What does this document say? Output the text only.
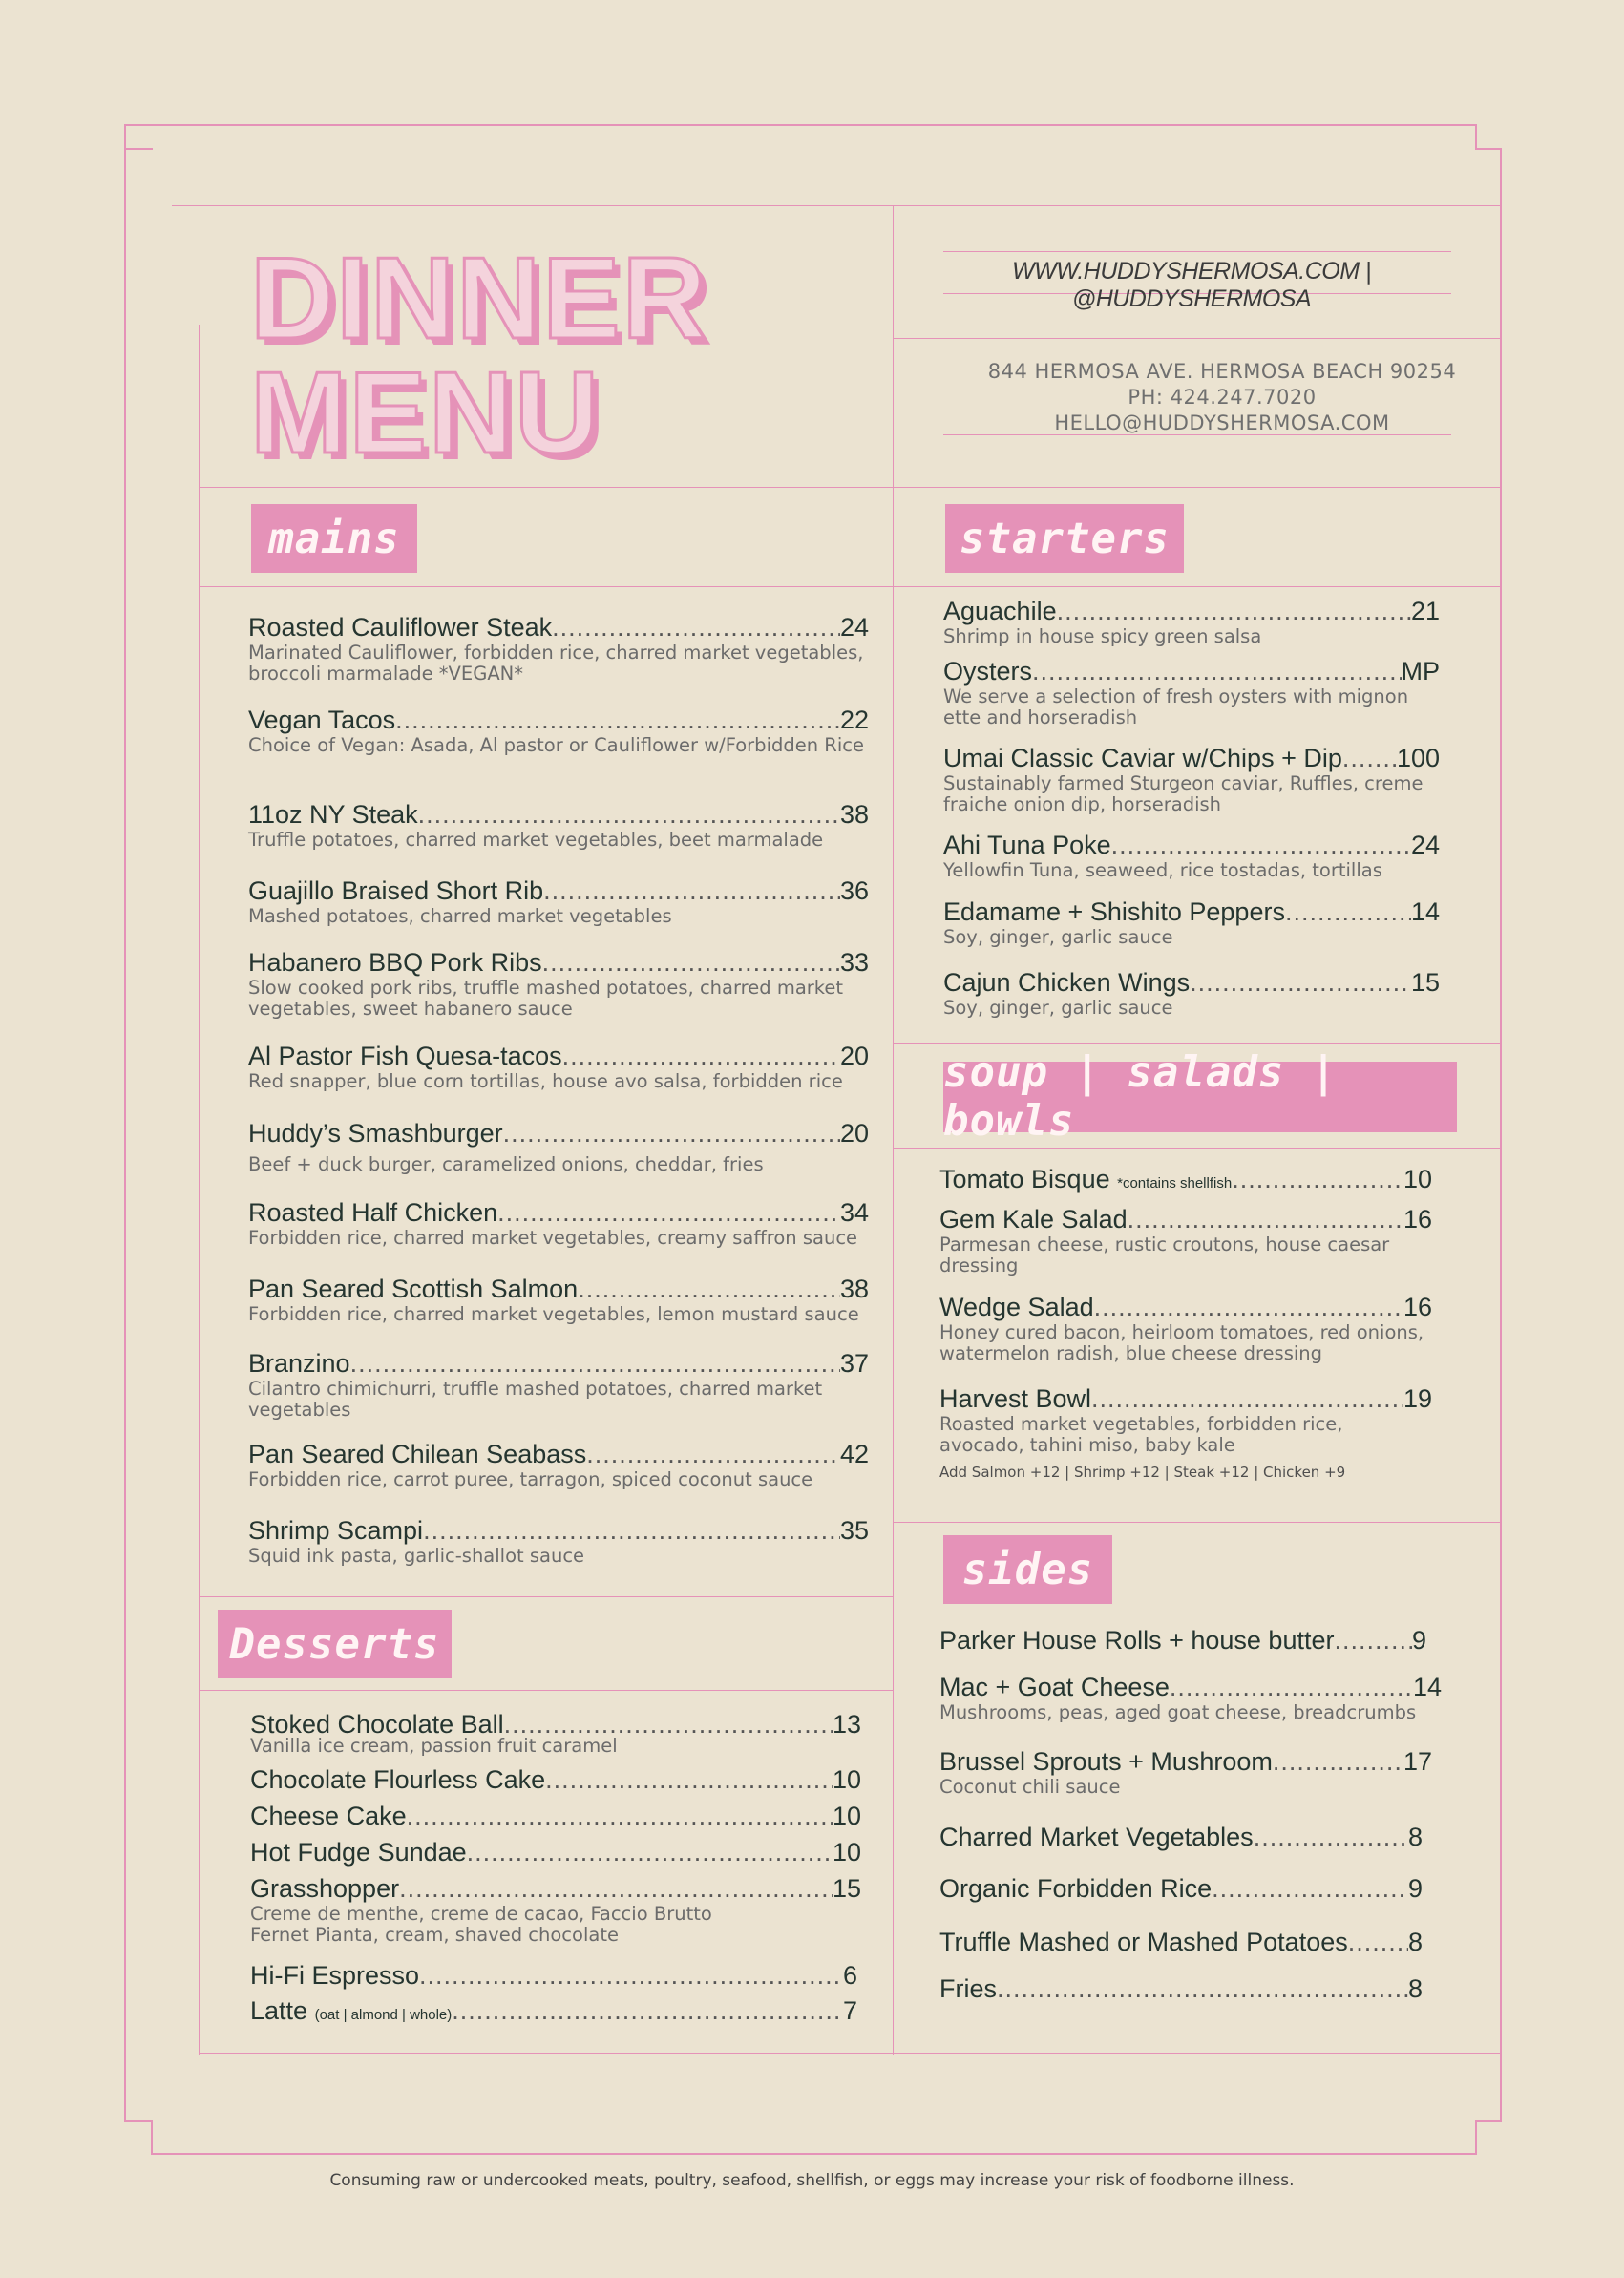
DINNER
MENU
WWW.HUDDYSHERMOSA.COM | @HUDDYSHERMOSA
844 HERMOSA AVE. HERMOSA BEACH 90254
PH: 424.247.7020 HELLO@HUDDYSHERMOSA.COM
mains	starters
soup | salads | bowls
sides
Desserts
Roasted Cauliflower Steak .....	24
Marinated Cauliflower, forbidden rice, charred market vegetables, broccoli marmalade *VEGAN*
Vegan Tacos .....	22
Choice of Vegan: Asada, Al pastor or Cauliflower w/Forbidden Rice
11oz NY Steak .....	38
Truffle potatoes, charred market vegetables, beet marmalade
Guajillo Braised Short Rib .....	36
Mashed potatoes, charred market vegetables
Habanero BBQ Pork Ribs .....	33
Slow cooked pork ribs, truffle mashed potatoes, charred market vegetables, sweet habanero sauce
Al Pastor Fish Quesa-tacos .....	20
Red snapper, blue corn tortillas, house avo salsa, forbidden rice
Huddy’s Smashburger .....	20
Beef + duck burger, caramelized onions, cheddar, fries
Roasted Half Chicken .....	34
Forbidden rice, charred market vegetables, creamy saffron sauce
Pan Seared Scottish Salmon .....	38
Forbidden rice, charred market vegetables, lemon mustard sauce
Branzino .....	37
Cilantro chimichurri, truffle mashed potatoes, charred market vegetables
Pan Seared Chilean Seabass .....	42
Forbidden rice, carrot puree, tarragon, spiced coconut sauce
Shrimp Scampi .....	35
Squid ink pasta, garlic-shallot sauce
Aguachile .....	21
Shrimp in house spicy green salsa
Oysters .....	MP
We serve a selection of fresh oysters with mignon ette and horseradish
Umai Classic Caviar w/Chips + Dip ..... 100
Sustainably farmed Sturgeon caviar, Ruffles, creme fraiche onion dip, horseradish
Ahi Tuna Poke .....	24
Yellowfin Tuna, seaweed, rice tostadas, tortillas
Edamame + Shishito Peppers .....	14
Soy, ginger, garlic sauce
Cajun Chicken Wings .....	15
Soy, ginger, garlic sauce
Tomato Bisque *contains shellfish .....	10
Gem Kale Salad .....	16
Parmesan cheese, rustic croutons, house caesar dressing
Wedge Salad .....	16
Honey cured bacon, heirloom tomatoes, red onions, watermelon radish, blue cheese dressing
Harvest Bowl .....	19
Roasted market vegetables, forbidden rice, avocado, tahini miso, baby kale
Add Salmon +12 | Shrimp +12 | Steak +12 | Chicken +9
Parker House Rolls + house butter .....	9
Mac + Goat Cheese .....	14
Mushrooms, peas, aged goat cheese, breadcrumbs
Brussel Sprouts + Mushroom .....	17
Coconut chili sauce
Charred Market Vegetables .....	8
Organic Forbidden Rice .....	9
Truffle Mashed or Mashed Potatoes ..... 8
Fries .....	8
Stoked Chocolate Ball .....	13
Vanilla ice cream, passion fruit caramel
Chocolate Flourless Cake .....	10
Cheese Cake .....	10
Hot Fudge Sundae .....	10
Grasshopper .....	15
Creme de menthe, creme de cacao, Faccio Brutto Fernet Pianta, cream, shaved chocolate
Hi-Fi Espresso .....	6
Latte (oat | almond | whole) .....	7
Consuming raw or undercooked meats, poultry, seafood, shellfish, or eggs may increase your risk of foodborne illness.
